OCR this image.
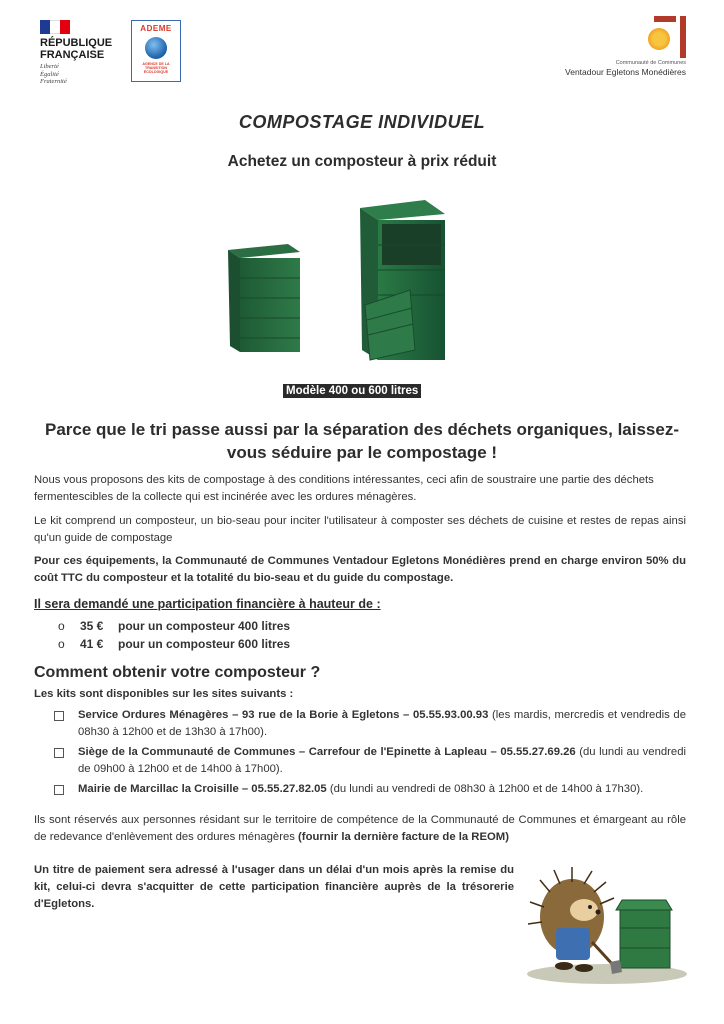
RÉPUBLIQUE
FRANÇAISE
Liberté
Égalité
Fraternité
ADEME
AGENCE DE LA TRANSITION ÉCOLOGIQUE
Communauté de Communes
Ventadour Egletons Monédières
COMPOSTAGE INDIVIDUEL
Achetez un composteur à prix réduit
Modèle 400 ou 600 litres
Parce que le tri passe aussi par la séparation des déchets organiques, laissez-vous séduire par le compostage !
Nous vous proposons des kits de compostage à des conditions intéressantes, ceci afin de soustraire une partie des déchets fermentescibles de la collecte qui est incinérée avec les ordures ménagères.
Le kit comprend un composteur, un bio-seau pour inciter l'utilisateur à composter ses déchets de cuisine et restes de repas ainsi qu'un guide de compostage
Pour ces équipements, la Communauté de Communes Ventadour Egletons Monédières prend en charge environ 50% du coût TTC du composteur et la totalité du bio-seau et du guide du compostage.
Il sera demandé une participation financière à hauteur de :
o	35 €	pour un composteur 400 litres
o	41 €	pour un composteur 600 litres
Comment obtenir votre composteur ?
Les kits sont disponibles sur les sites suivants :
Service Ordures Ménagères – 93 rue de la Borie à Egletons – 05.55.93.00.93 (les mardis, mercredis et vendredis de 08h30 à 12h00 et de 13h30 à 17h00).
Siège de la Communauté de Communes – Carrefour de l'Epinette à Lapleau – 05.55.27.69.26 (du lundi au vendredi de 09h00 à 12h00 et de 14h00 à 17h00).
Mairie de Marcillac la Croisille – 05.55.27.82.05 (du lundi au vendredi de 08h30 à 12h00 et de 14h00 à 17h30).
Ils sont réservés aux personnes résidant sur le territoire de compétence de la Communauté de Communes et émargeant au rôle de redevance d'enlèvement des ordures ménagères (fournir la dernière facture de la REOM)
Un titre de paiement sera adressé à l'usager dans un délai d'un mois après la remise du kit, celui-ci devra s'acquitter de cette participation financière auprès de la trésorerie d'Egletons.
